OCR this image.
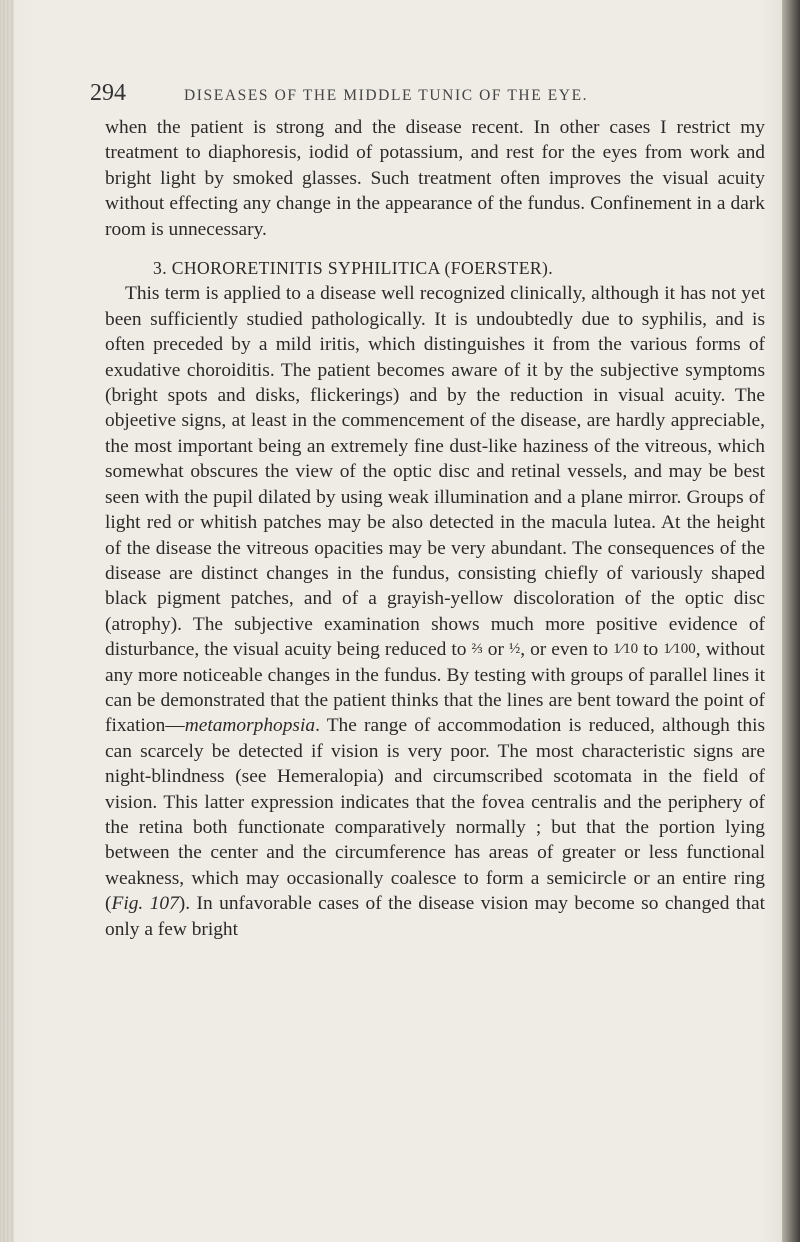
294	DISEASES OF THE MIDDLE TUNIC OF THE EYE.

when the patient is strong and the disease recent. In other cases I restrict my treatment to diaphoresis, iodid of potassium, and rest for the eyes from work and bright light by smoked glasses. Such treatment often improves the visual acuity without effecting any change in the appearance of the fundus. Confinement in a dark room is unnecessary.

3. CHORORETINITIS SYPHILITICA (FOERSTER).

This term is applied to a disease well recognized clinically, although it has not yet been sufficiently studied pathologically. It is undoubtedly due to syphilis, and is often preceded by a mild iritis, which distinguishes it from the various forms of exudative choroiditis. The patient becomes aware of it by the subjective symptoms (bright spots and disks, flickerings) and by the reduction in visual acuity. The objeetive signs, at least in the commencement of the disease, are hardly appreciable, the most important being an extremely fine dust-like haziness of the vitreous, which somewhat obscures the view of the optic disc and retinal vessels, and may be best seen with the pupil dilated by using weak illumination and a plane mirror. Groups of light red or whitish patches may be also detected in the macula lutea. At the height of the disease the vitreous opacities may be very abundant. The consequences of the disease are distinct changes in the fundus, consisting chiefly of variously shaped black pigment patches, and of a grayish-yellow discoloration of the optic disc (atrophy). The subjective examination shows much more positive evidence of disturbance, the visual acuity being reduced to ⅔ or ½, or even to 1⁄10 to 1⁄100, without any more noticeable changes in the fundus. By testing with groups of parallel lines it can be demonstrated that the patient thinks that the lines are bent toward the point of fixation—metamorphopsia. The range of accommodation is reduced, although this can scarcely be detected if vision is very poor. The most characteristic signs are night-blindness (see Hemeralopia) and circumscribed scotomata in the field of vision. This latter expression indicates that the fovea centralis and the periphery of the retina both functionate comparatively normally ; but that the portion lying between the center and the circumference has areas of greater or less functional weakness, which may occasionally coalesce to form a semicircle or an entire ring (Fig. 107). In unfavorable cases of the disease vision may become so changed that only a few bright
